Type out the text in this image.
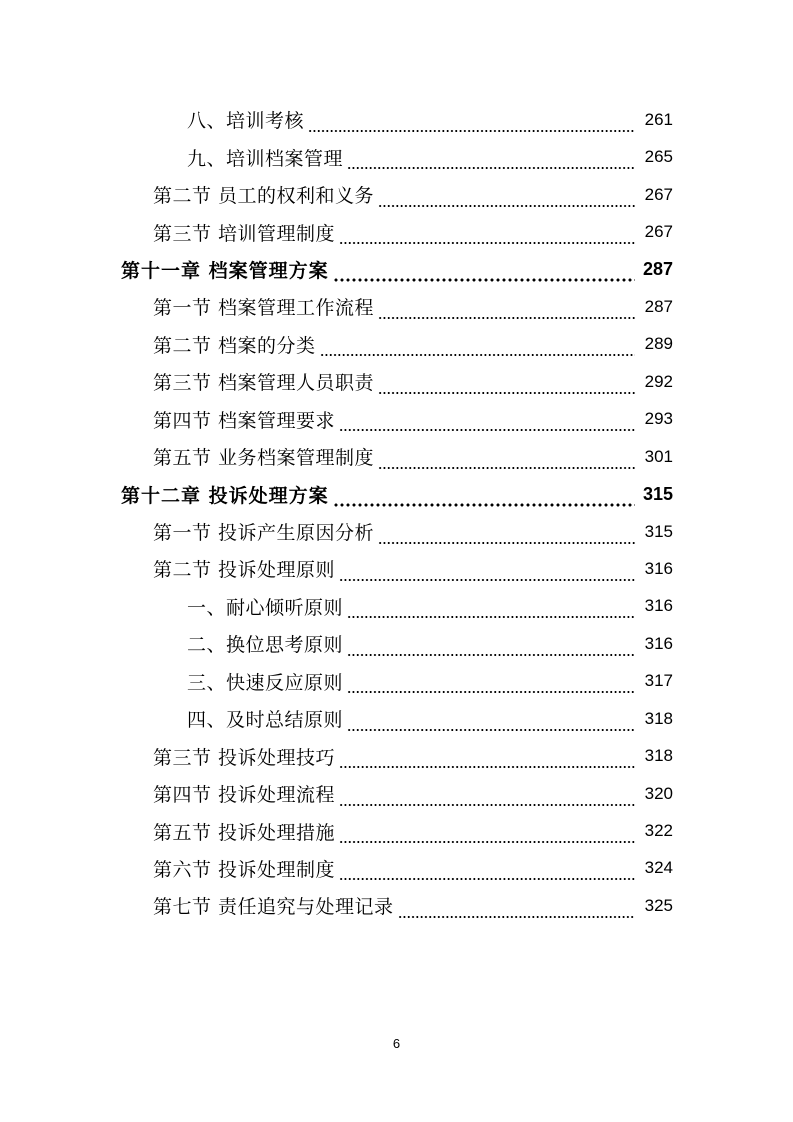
八、培训考核	261
九、培训档案管理	265
第二节 员工的权利和义务	267
第三节 培训管理制度	267
第十一章 档案管理方案	287
第一节 档案管理工作流程	287
第二节 档案的分类	289
第三节 档案管理人员职责	292
第四节 档案管理要求	293
第五节 业务档案管理制度	301
第十二章 投诉处理方案	315
第一节 投诉产生原因分析	315
第二节 投诉处理原则	316
一、耐心倾听原则	316
二、换位思考原则	316
三、快速反应原则	317
四、及时总结原则	318
第三节 投诉处理技巧	318
第四节 投诉处理流程	320
第五节 投诉处理措施	322
第六节 投诉处理制度	324
第七节 责任追究与处理记录	325
6
